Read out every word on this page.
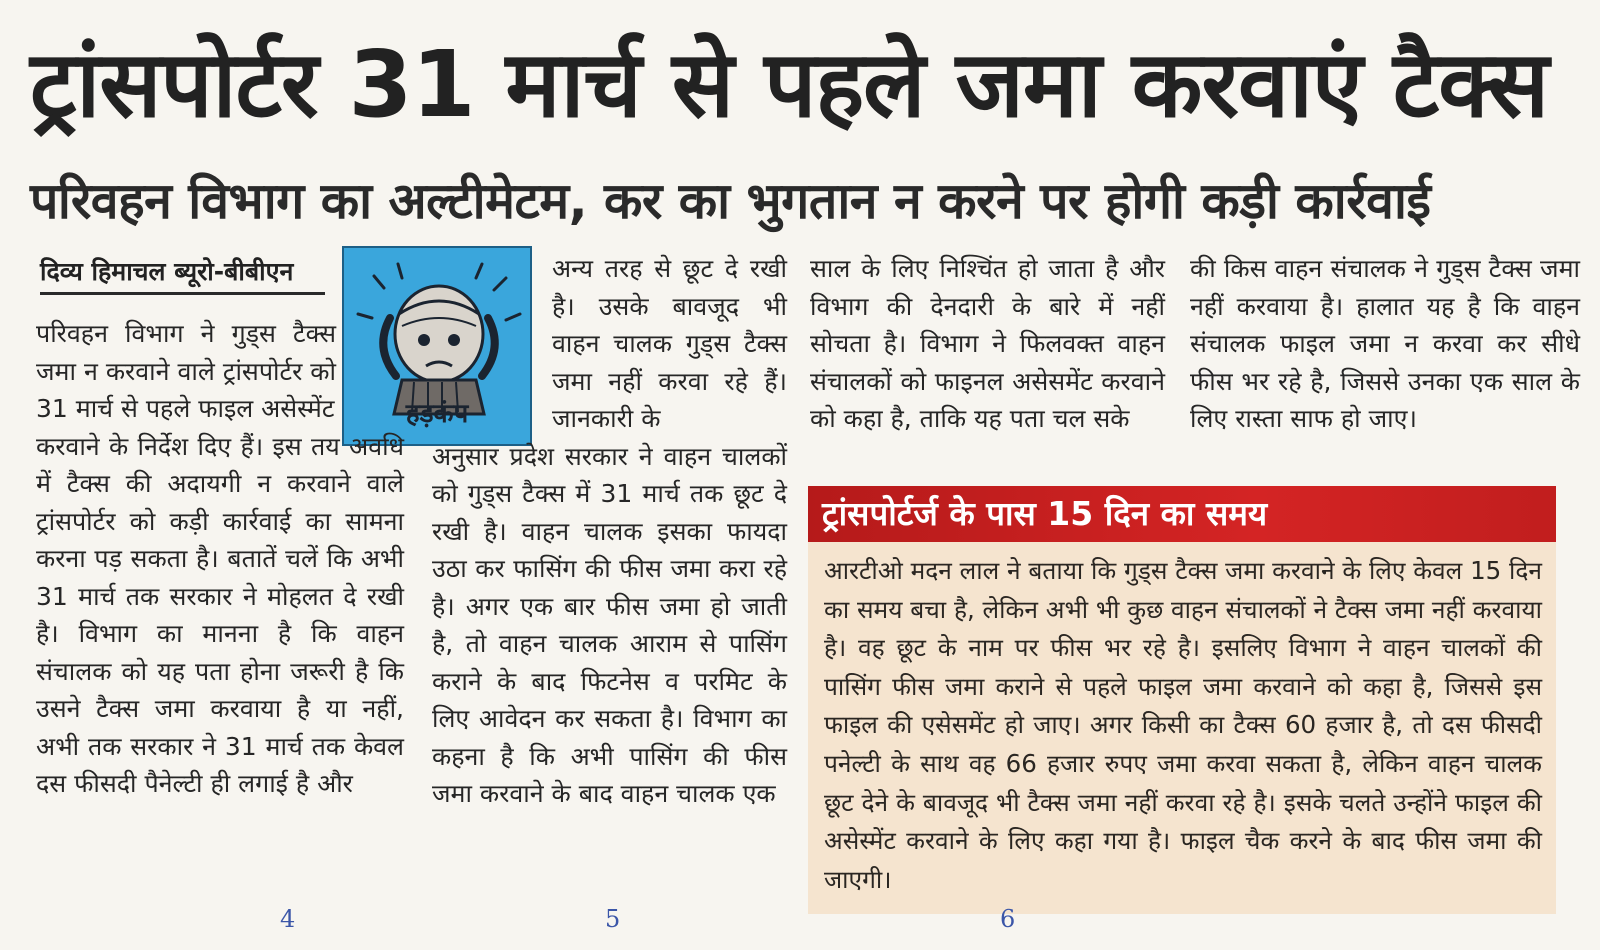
ट्रांसपोर्टर 31 मार्च से पहले जमा करवाएं टैक्स
परिवहन विभाग का अल्टीमेटम, कर का भुगतान न करने पर होगी कड़ी कार्रवाई
दिव्य हिमाचल ब्यूरो-बीबीएन
हड़कंप

परिवहन विभाग ने गुड्स टैक्स जमा न करवाने वाले ट्रांसपोर्टर को 31 मार्च से पहले फाइल असेस्मेंट

करवाने के निर्देश दिए हैं। इस तय अवधि में टैक्स की अदायगी न करवाने वाले ट्रांसपोर्टर को कड़ी कार्रवाई का सामना करना पड़ सकता है। बतातें चलें कि अभी 31 मार्च तक सरकार ने मोहलत दे रखी है। विभाग का मानना है कि वाहन संचालक को यह पता होना जरूरी है कि उसने टैक्स जमा करवाया है या नहीं, अभी तक सरकार ने 31 मार्च तक केवल दस फीसदी पैनेल्टी ही लगाई है और

अन्य तरह से छूट दे रखी है। उसके बावजूद भी वाहन चालक गुड्स टैक्स जमा नहीं करवा रहे हैं। जानकारी के

अनुसार प्रदेश सरकार ने वाहन चालकों को गुड्स टैक्स में 31 मार्च तक छूट दे रखी है। वाहन चालक इसका फायदा उठा कर फासिंग की फीस जमा करा रहे है। अगर एक बार फीस जमा हो जाती है, तो वाहन चालक आराम से पासिंग कराने के बाद फिटनेस व परमिट के लिए आवेदन कर सकता है। विभाग का कहना है कि अभी पासिंग की फीस जमा करवाने के बाद वाहन चालक एक

साल के लिए निश्चिंत हो जाता है और विभाग की देनदारी के बारे में नहीं सोचता है। विभाग ने फिलवक्त वाहन संचालकों को फाइनल असेसमेंट करवाने को कहा है, ताकि यह पता चल सके

की किस वाहन संचालक ने गुड्स टैक्स जमा नहीं करवाया है। हालात यह है कि वाहन संचालक फाइल जमा न करवा कर सीधे फीस भर रहे है, जिससे उनका एक साल के लिए रास्ता साफ हो जाए।

ट्रांसपोर्टर्ज के पास 15 दिन का समय
आरटीओ मदन लाल ने बताया कि गुड्स टैक्स जमा करवाने के लिए केवल 15 दिन का समय बचा है, लेकिन अभी भी कुछ वाहन संचालकों ने टैक्स जमा नहीं करवाया है। वह छूट के नाम पर फीस भर रहे है। इसलिए विभाग ने वाहन चालकों की पासिंग फीस जमा कराने से पहले फाइल जमा करवाने को कहा है, जिससे इस फाइल की एसेसमेंट हो जाए। अगर किसी का टैक्स 60 हजार है, तो दस फीसदी पनेल्टी के साथ वह 66 हजार रुपए जमा करवा सकता है, लेकिन वाहन चालक छूट देने के बावजूद भी टैक्स जमा नहीं करवा रहे है। इसके चलते उन्होंने फाइल की असेस्मेंट करवाने के लिए कहा गया है। फाइल चैक करने के बाद फीस जमा की जाएगी।
4	5	6
